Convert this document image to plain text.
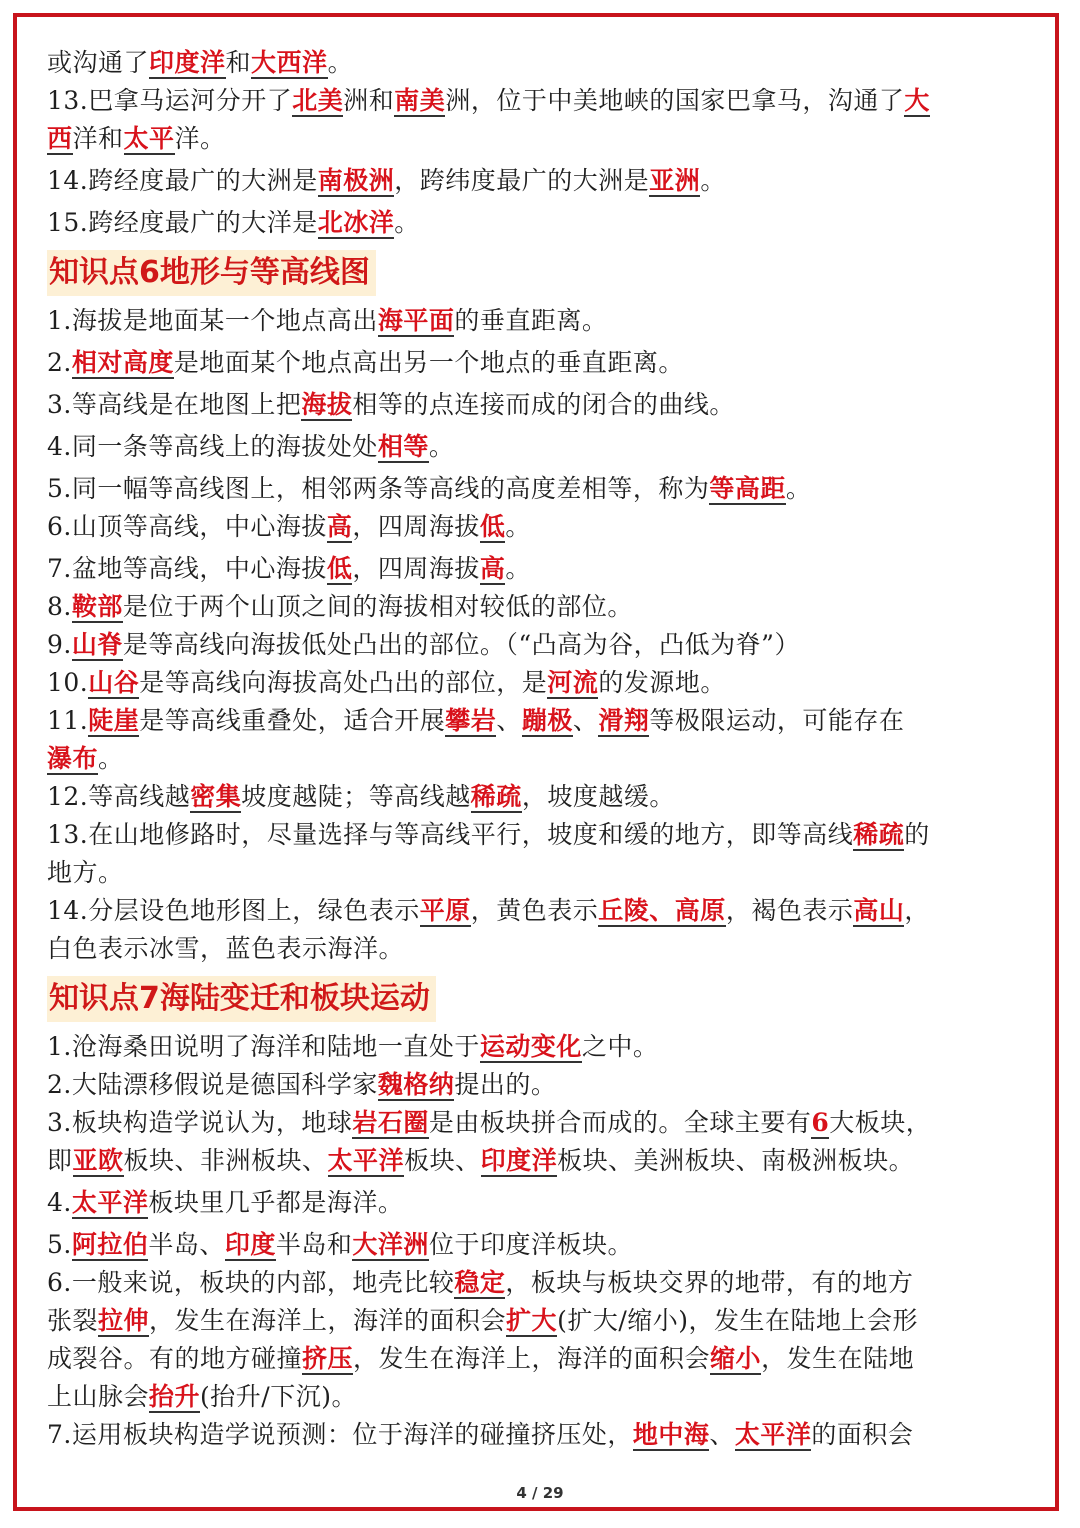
或沟通了印度洋和大西洋。
13.巴拿马运河分开了北美洲和南美洲，位于中美地峡的国家巴拿马，沟通了大
西洋和太平洋。
14.跨经度最广的大洲是南极洲，跨纬度最广的大洲是亚洲。
15.跨经度最广的大洋是北冰洋。
知识点6地形与等高线图
1.海拔是地面某一个地点高出海平面的垂直距离。
2.相对高度是地面某个地点高出另一个地点的垂直距离。
3.等高线是在地图上把海拔相等的点连接而成的闭合的曲线。
4.同一条等高线上的海拔处处相等。
5.同一幅等高线图上，相邻两条等高线的高度差相等，称为等高距。
6.山顶等高线，中心海拔高，四周海拔低。
7.盆地等高线，中心海拔低，四周海拔高。
8.鞍部是位于两个山顶之间的海拔相对较低的部位。
9.山脊是等高线向海拔低处凸出的部位。（“凸高为谷，凸低为脊”）
10.山谷是等高线向海拔高处凸出的部位，是河流的发源地。
11.陡崖是等高线重叠处，适合开展攀岩、蹦极、滑翔等极限运动，可能存在
瀑布。
12.等高线越密集坡度越陡；等高线越稀疏，坡度越缓。
13.在山地修路时，尽量选择与等高线平行，坡度和缓的地方，即等高线稀疏的
地方。
14.分层设色地形图上，绿色表示平原，黄色表示丘陵、高原，褐色表示高山，
白色表示冰雪，蓝色表示海洋。
知识点7海陆变迁和板块运动
1.沧海桑田说明了海洋和陆地一直处于运动变化之中。
2.大陆漂移假说是德国科学家魏格纳提出的。
3.板块构造学说认为，地球岩石圈是由板块拼合而成的。全球主要有6大板块，
即亚欧板块、非洲板块、太平洋板块、印度洋板块、美洲板块、南极洲板块。
4.太平洋板块里几乎都是海洋。
5.阿拉伯半岛、印度半岛和大洋洲位于印度洋板块。
6.一般来说，板块的内部，地壳比较稳定，板块与板块交界的地带，有的地方
张裂拉伸，发生在海洋上，海洋的面积会扩大(扩大/缩小)，发生在陆地上会形
成裂谷。有的地方碰撞挤压，发生在海洋上，海洋的面积会缩小，发生在陆地
上山脉会抬升(抬升/下沉)。
7.运用板块构造学说预测：位于海洋的碰撞挤压处，地中海、太平洋的面积会
4 / 29
